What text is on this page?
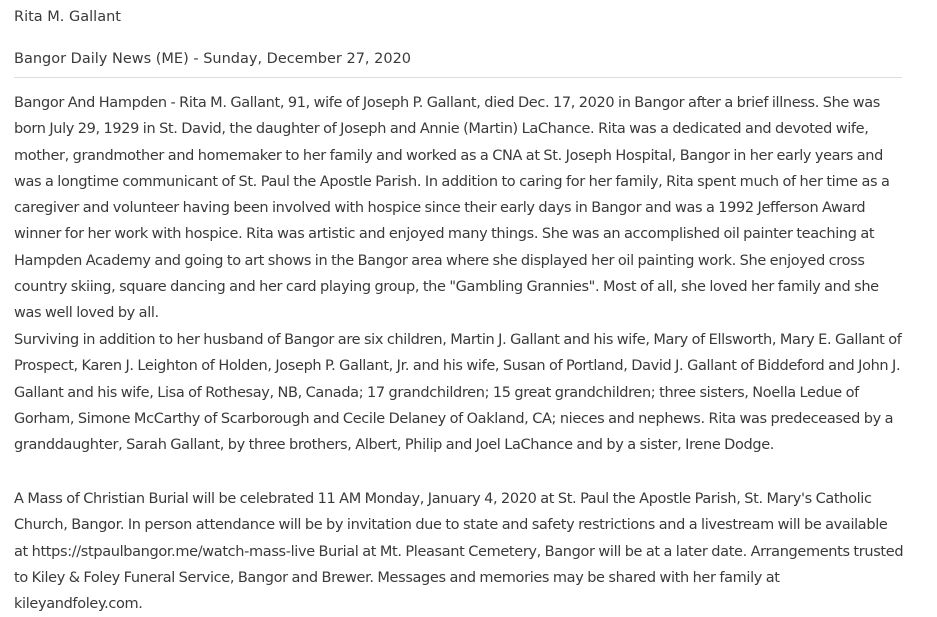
Rita M. Gallant
Bangor Daily News (ME) - Sunday, December 27, 2020

Bangor And Hampden - Rita M. Gallant, 91, wife of Joseph P. Gallant, died Dec. 17, 2020 in Bangor after a brief illness. She was born July 29, 1929 in St. David, the daughter of Joseph and Annie (Martin) LaChance. Rita was a dedicated and devoted wife, mother, grandmother and homemaker to her family and worked as a CNA at St. Joseph Hospital, Bangor in her early years and was a longtime communicant of St. Paul the Apostle Parish. In addition to caring for her family, Rita spent much of her time as a caregiver and volunteer having been involved with hospice since their early days in Bangor and was a 1992 Jefferson Award winner for her work with hospice. Rita was artistic and enjoyed many things. She was an accomplished oil painter teaching at Hampden Academy and going to art shows in the Bangor area where she displayed her oil painting work. She enjoyed cross country skiing, square dancing and her card playing group, the "Gambling Grannies". Most of all, she loved her family and she was well loved by all.

Surviving in addition to her husband of Bangor are six children, Martin J. Gallant and his wife, Mary of Ellsworth, Mary E. Gallant of Prospect, Karen J. Leighton of Holden, Joseph P. Gallant, Jr. and his wife, Susan of Portland, David J. Gallant of Biddeford and John J. Gallant and his wife, Lisa of Rothesay, NB, Canada; 17 grandchildren; 15 great grandchildren; three sisters, Noella Ledue of Gorham, Simone McCarthy of Scarborough and Cecile Delaney of Oakland, CA; nieces and nephews. Rita was predeceased by a granddaughter, Sarah Gallant, by three brothers, Albert, Philip and Joel LaChance and by a sister, Irene Dodge.

A Mass of Christian Burial will be celebrated 11 AM Monday, January 4, 2020 at St. Paul the Apostle Parish, St. Mary's Catholic Church, Bangor. In person attendance will be by invitation due to state and safety restrictions and a livestream will be available at https://stpaulbangor.me/watch-mass-live Burial at Mt. Pleasant Cemetery, Bangor will be at a later date. Arrangements trusted to Kiley & Foley Funeral Service, Bangor and Brewer. Messages and memories may be shared with her family at kileyandfoley.com.
